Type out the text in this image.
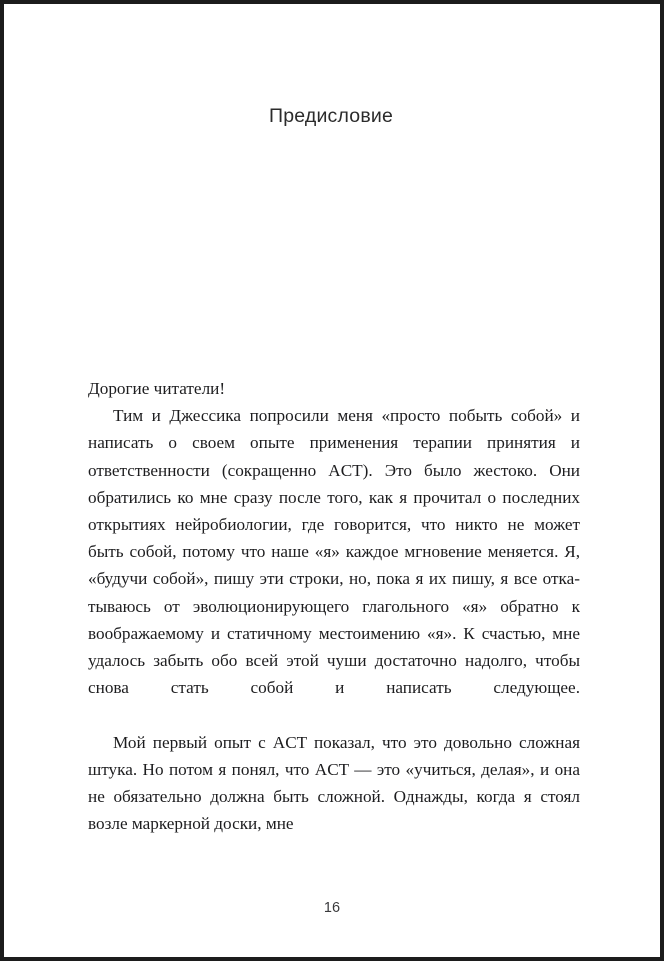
Предисловие

Дорогие читатели!

Тим и Джессика попросили меня «просто побыть собой» и написать о своем опыте применения терапии принятия и ответственности (сокращенно ACT). Это было жестоко. Они обратились ко мне сразу после того, как я прочитал о последних открытиях нейробиологии, где говорится, что никто не может быть собой, потому что наше «я» каждое мгновение меняется. Я, «будучи собой», пишу эти строки, но, пока я их пишу, я все откатываюсь от эволюционирующего глагольного «я» обратно к воображаемому и статичному местоимению «я». К счастью, мне удалось забыть обо всей этой чуши достаточно надолго, чтобы снова стать собой и написать следующее.

Мой первый опыт с ACT показал, что это довольно сложная штука. Но потом я понял, что ACT — это «учиться, делая», и она не обязательно должна быть сложной. Однажды, когда я стоял возле маркерной доски, мне

16
